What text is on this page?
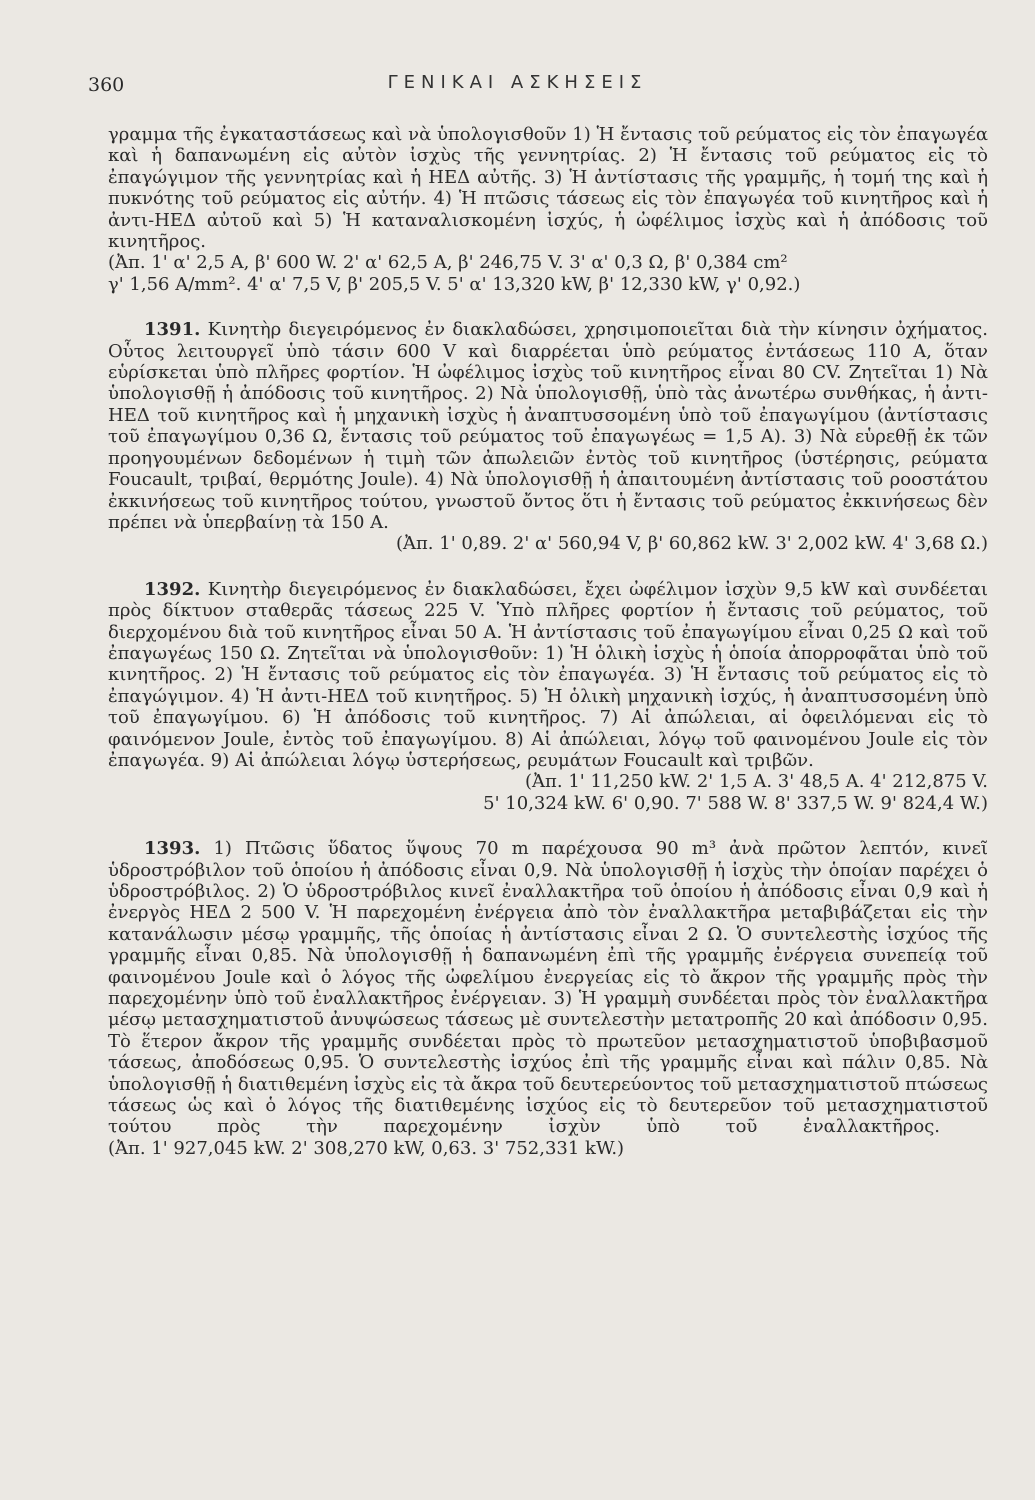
360	ΓΕΝΙΚΑΙ ΑΣΚΗΣΕΙΣ

γραμμα τῆς ἐγκαταστάσεως καὶ νὰ ὑπολογισθοῦν 1) Ἡ ἔντασις τοῦ ρεύματος εἰς τὸν ἐπαγωγέα καὶ ἡ δαπανωμένη εἰς αὐτὸν ἰσχὺς τῆς γεννητρίας. 2) Ἡ ἔντασις τοῦ ρεύματος εἰς τὸ ἐπαγώγιμον τῆς γεννητρίας καὶ ἡ ΗΕΔ αὐτῆς. 3) Ἡ ἀντίστασις τῆς γραμμῆς, ἡ τομή της καὶ ἡ πυκνότης τοῦ ρεύματος εἰς αὐτήν. 4) Ἡ πτῶσις τάσεως εἰς τὸν ἐπαγωγέα τοῦ κινητῆρος καὶ ἡ ἀντι-ΗΕΔ αὐτοῦ καὶ 5) Ἡ καταναλισκομένη ἰσχύς, ἡ ὠφέλιμος ἰσχὺς καὶ ἡ ἀπόδοσις τοῦ κινητῆρος.

(Ἀπ. 1' α' 2,5 Α, β' 600 W. 2' α' 62,5 Α, β' 246,75 V. 3' α' 0,3 Ω, β' 0,384 cm²

γ' 1,56 A/mm². 4' α' 7,5 V, β' 205,5 V. 5' α' 13,320 kW, β' 12,330 kW, γ' 0,92.)

1391. Κινητὴρ διεγειρόμενος ἐν διακλαδώσει, χρησιμοποιεῖται διὰ τὴν κίνησιν ὀχήματος. Οὗτος λειτουργεῖ ὑπὸ τάσιν 600 V καὶ διαρρέεται ὑπὸ ρεύματος ἐντάσεως 110 Α, ὅταν εὑρίσκεται ὑπὸ πλῆρες φορτίον. Ἡ ὠφέλιμος ἰσχὺς τοῦ κινητῆρος εἶναι 80 CV. Ζητεῖται 1) Νὰ ὑπολογισθῇ ἡ ἀπόδοσις τοῦ κινητῆρος. 2) Νὰ ὑπολογισθῇ, ὑπὸ τὰς ἀνωτέρω συνθήκας, ἡ ἀντι-ΗΕΔ τοῦ κινητῆρος καὶ ἡ μηχανικὴ ἰσχὺς ἡ ἀναπτυσσομένη ὑπὸ τοῦ ἐπαγωγίμου (ἀντίστασις τοῦ ἐπαγωγίμου 0,36 Ω, ἔντασις τοῦ ρεύματος τοῦ ἐπαγωγέως = 1,5 Α). 3) Νὰ εὑρεθῇ ἐκ τῶν προηγουμένων δεδομένων ἡ τιμὴ τῶν ἀπωλειῶν ἐντὸς τοῦ κινητῆρος (ὑστέρησις, ρεύματα Foucault, τριβαί, θερμότης Joule). 4) Νὰ ὑπολογισθῇ ἡ ἀπαιτουμένη ἀντίστασις τοῦ ροοστάτου ἐκκινήσεως τοῦ κινητῆρος τούτου, γνωστοῦ ὄντος ὅτι ἡ ἔντασις τοῦ ρεύματος ἐκκινήσεως δὲν πρέπει νὰ ὑπερβαίνῃ τὰ 150 Α.

(Ἀπ. 1' 0,89. 2' α' 560,94 V, β' 60,862 kW. 3' 2,002 kW. 4' 3,68 Ω.)

1392. Κινητὴρ διεγειρόμενος ἐν διακλαδώσει, ἔχει ὠφέλιμον ἰσχὺν 9,5 kW καὶ συνδέεται πρὸς δίκτυον σταθερᾶς τάσεως 225 V. Ὑπὸ πλῆρες φορτίον ἡ ἔντασις τοῦ ρεύματος, τοῦ διερχομένου διὰ τοῦ κινητῆρος εἶναι 50 Α. Ἡ ἀντίστασις τοῦ ἐπαγωγίμου εἶναι 0,25 Ω καὶ τοῦ ἐπαγωγέως 150 Ω. Ζητεῖται νὰ ὑπολογισθοῦν: 1) Ἡ ὁλικὴ ἰσχὺς ἡ ὁποία ἀπορροφᾶται ὑπὸ τοῦ κινητῆρος. 2) Ἡ ἔντασις τοῦ ρεύματος εἰς τὸν ἐπαγωγέα. 3) Ἡ ἔντασις τοῦ ρεύματος εἰς τὸ ἐπαγώγιμον. 4) Ἡ ἀντι-ΗΕΔ τοῦ κινητῆρος. 5) Ἡ ὁλικὴ μηχανικὴ ἰσχύς, ἡ ἀναπτυσσομένη ὑπὸ τοῦ ἐπαγωγίμου. 6) Ἡ ἀπόδοσις τοῦ κινητῆρος. 7) Αἱ ἀπώλειαι, αἱ ὀφειλόμεναι εἰς τὸ φαινόμενον Joule, ἐντὸς τοῦ ἐπαγωγίμου. 8) Αἱ ἀπώλειαι, λόγῳ τοῦ φαινομένου Joule εἰς τὸν ἐπαγωγέα. 9) Αἱ ἀπώλειαι λόγῳ ὑστερήσεως, ρευμάτων Foucault καὶ τριβῶν.

(Ἀπ. 1' 11,250 kW. 2' 1,5 Α. 3' 48,5 Α. 4' 212,875 V.
5' 10,324 kW. 6' 0,90. 7' 588 W. 8' 337,5 W. 9' 824,4 W.)

1393. 1) Πτῶσις ὕδατος ὕψους 70 m παρέχουσα 90 m³ ἀνὰ πρῶτον λεπτόν, κινεῖ ὑδροστρόβιλον τοῦ ὁποίου ἡ ἀπόδοσις εἶναι 0,9. Νὰ ὑπολογισθῇ ἡ ἰσχὺς τὴν ὁποίαν παρέχει ὁ ὑδροστρόβιλος. 2) Ὁ ὑδροστρόβιλος κινεῖ ἐναλλακτῆρα τοῦ ὁποίου ἡ ἀπόδοσις εἶναι 0,9 καὶ ἡ ἐνεργὸς ΗΕΔ 2 500 V. Ἡ παρεχομένη ἐνέργεια ἀπὸ τὸν ἐναλλακτῆρα μεταβιβάζεται εἰς τὴν κατανάλωσιν μέσῳ γραμμῆς, τῆς ὁποίας ἡ ἀντίστασις εἶναι 2 Ω. Ὁ συντελεστὴς ἰσχύος τῆς γραμμῆς εἶναι 0,85. Νὰ ὑπολογισθῇ ἡ δαπανωμένη ἐπὶ τῆς γραμμῆς ἐνέργεια συνεπείᾳ τοῦ φαινομένου Joule καὶ ὁ λόγος τῆς ὠφελίμου ἐνεργείας εἰς τὸ ἄκρον τῆς γραμμῆς πρὸς τὴν παρεχομένην ὑπὸ τοῦ ἐναλλακτῆρος ἐνέργειαν. 3) Ἡ γραμμὴ συνδέεται πρὸς τὸν ἐναλλακτῆρα μέσῳ μετασχηματιστοῦ ἀνυψώσεως τάσεως μὲ συντελεστὴν μετατροπῆς 20 καὶ ἀπόδοσιν 0,95. Τὸ ἕτερον ἄκρον τῆς γραμμῆς συνδέεται πρὸς τὸ πρωτεῦον μετασχηματιστοῦ ὑποβιβασμοῦ τάσεως, ἀποδόσεως 0,95. Ὁ συντελεστὴς ἰσχύος ἐπὶ τῆς γραμμῆς εἶναι καὶ πάλιν 0,85. Νὰ ὑπολογισθῇ ἡ διατιθεμένη ἰσχὺς εἰς τὰ ἄκρα τοῦ δευτερεύοντος τοῦ μετασχηματιστοῦ πτώσεως τάσεως ὡς καὶ ὁ λόγος τῆς διατιθεμένης ἰσχύος εἰς τὸ δευτερεῦον τοῦ μετασχηματιστοῦ τούτου πρὸς τὴν παρεχομένην ἰσχὺν ὑπὸ τοῦ ἐναλλακτῆρος.(Ἀπ. 1' 927,045 kW. 2' 308,270 kW, 0,63. 3' 752,331 kW.)
